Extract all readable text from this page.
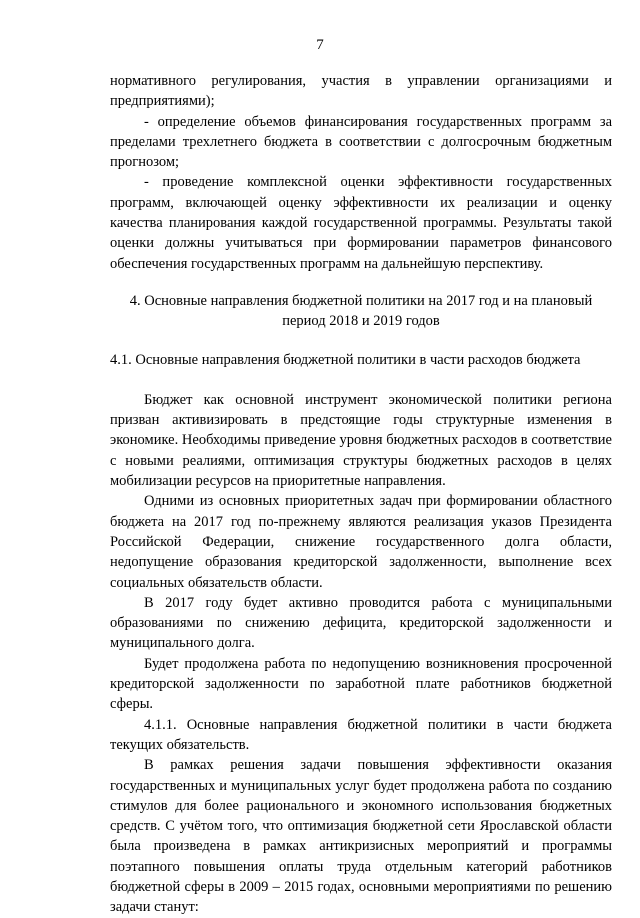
7

нормативного регулирования, участия в управлении организациями и предприятиями);

- определение объемов финансирования государственных программ за пределами трехлетнего бюджета в соответствии с долгосрочным бюджетным прогнозом;

- проведение комплексной оценки эффективности государственных программ, включающей оценку эффективности их реализации и оценку качества планирования каждой государственной программы. Результаты такой оценки должны учитываться при формировании параметров финансового обеспечения государственных программ на дальнейшую перспективу.

4. Основные направления бюджетной политики на 2017 год и на плановый период 2018 и 2019 годов

4.1. Основные направления бюджетной политики в части расходов бюджета

Бюджет как основной инструмент экономической политики региона призван активизировать в предстоящие годы структурные изменения в экономике. Необходимы приведение уровня бюджетных расходов в соответствие с новыми реалиями, оптимизация структуры бюджетных расходов в целях мобилизации ресурсов на приоритетные направления.

Одними из основных приоритетных задач при формировании областного бюджета на 2017 год по-прежнему являются реализация указов Президента Российской Федерации, снижение государственного долга области, недопущение образования кредиторской задолженности, выполнение всех социальных обязательств области.

В 2017 году будет активно проводится работа с муниципальными образованиями по снижению дефицита, кредиторской задолженности и муниципального долга.

Будет продолжена работа по недопущению возникновения просроченной кредиторской задолженности по заработной плате работников бюджетной сферы.

4.1.1. Основные направления бюджетной политики в части бюджета текущих обязательств.

В рамках решения задачи повышения эффективности оказания государственных и муниципальных услуг будет продолжена работа по созданию стимулов для более рационального и экономного использования бюджетных средств. С учётом того, что оптимизация бюджетной сети Ярославской области была произведена в рамках антикризисных мероприятий и программы поэтапного повышения оплаты труда отдельным категорий работников бюджетной сферы в 2009 – 2015 годах, основными мероприятиями по решению задачи станут:
